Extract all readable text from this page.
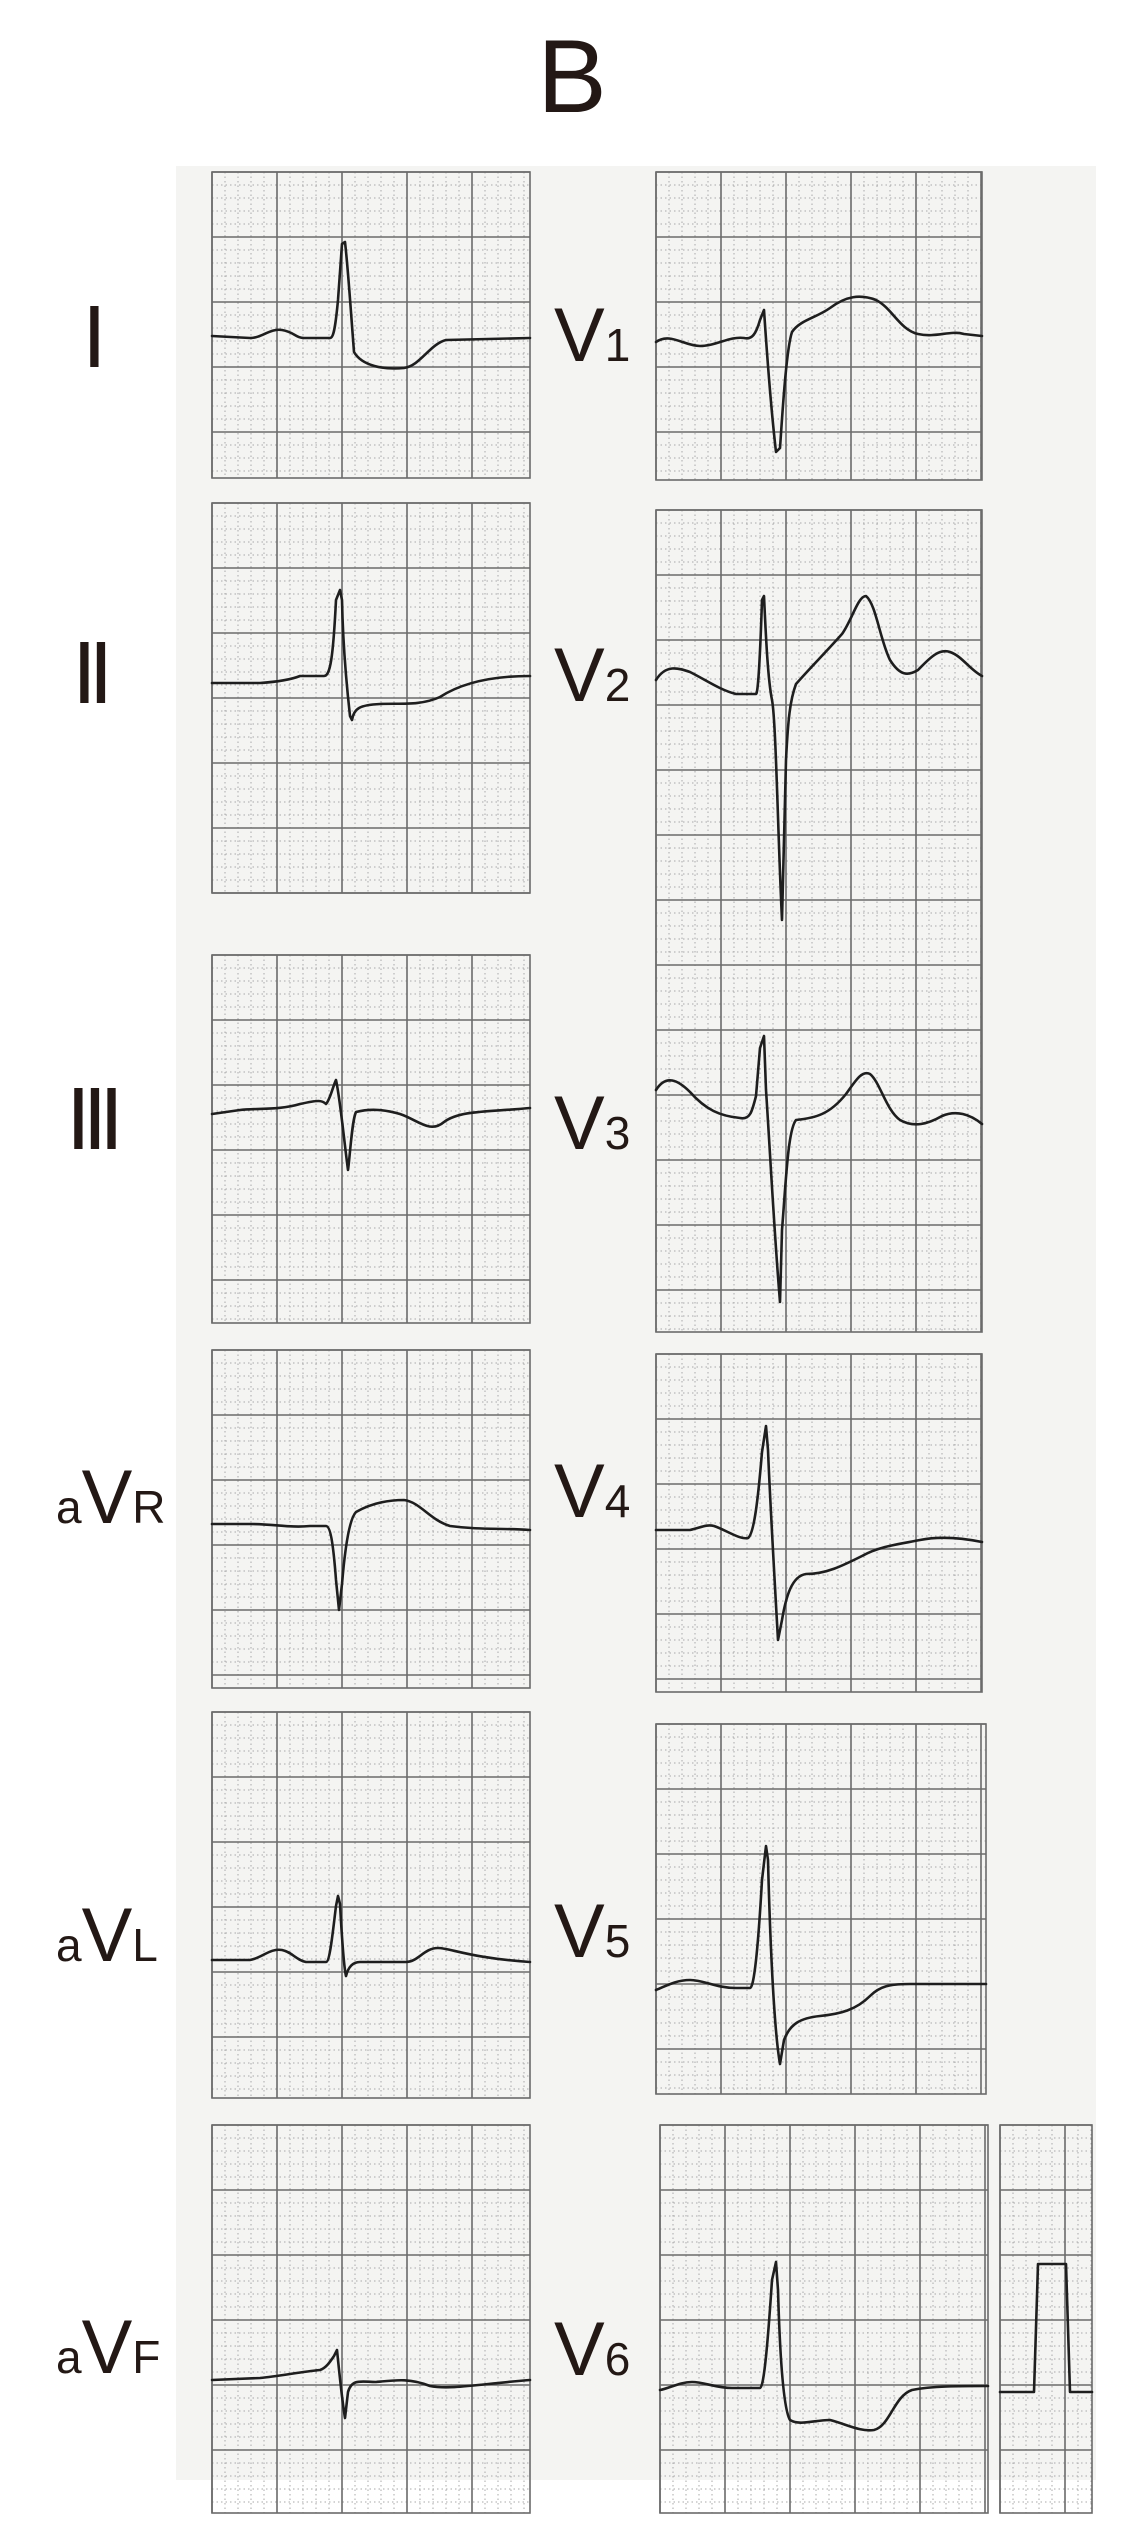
B
Ⅰ
Ⅱ
Ⅲ
aVR
aVL
aVF
V1
V2
V3
V4
V5
V6
